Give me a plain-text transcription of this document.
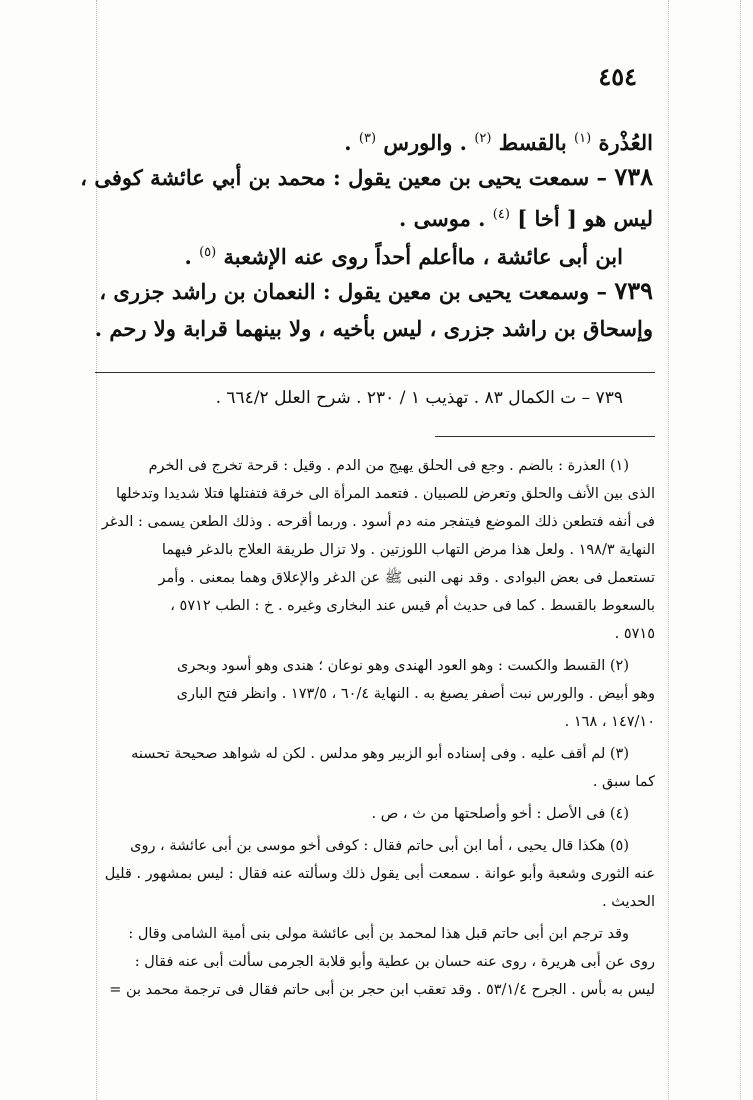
٤٥٤
العُذْرة $^{(١)}$ بالقسط $^{(٢)}$ . والورس $^{(٣)}$ .
٧٣٨ – سمعت يحيى بن معين يقول : محمد بن أبي عائشة كوفى ،
ليس هو [ أخا ] $^{(٤)}$ . موسى .
ابن أبى عائشة ، ماأعلم أحداً روى عنه الإشعبة $^{(٥)}$ .
٧٣٩ – وسمعت يحيى بن معين يقول : النعمان بن راشد جزرى ،
وإسحاق بن راشد جزرى ، ليس بأخيه ، ولا بينهما قرابة ولا رحم .
٧٣٩ – ت الكمال ٨٣ . تهذيب ١ / ٢٣٠ . شرح العلل ٦٦٤/٢ .
(١) العذرة : بالضم . وجع فى الحلق يهيج من الدم . وقيل : قرحة تخرج فى الخرم
الذى بين الأنف والحلق وتعرض للصبيان . فتعمد المرأة الى خرقة فتفتلها فتلا شديدا وتدخلها
فى أنفه فتطعن ذلك الموضع فيتفجر منه دم أسود . وربما أقرحه . وذلك الطعن يسمى : الدغر
النهاية ١٩٨/٣ . ولعل هذا مرض التهاب اللوزتين . ولا تزال طريقة العلاج بالدغر فيهما
تستعمل فى بعض البوادى . وقد نهى النبى ﷺ عن الدغر والإعلاق وهما بمعنى . وأمر
بالسعوط بالقسط . كما فى حديث أم قيس عند البخارى وغيره . خ : الطب ٥٧١٢ ،
٥٧١٥ .
(٢) القسط والكست : وهو العود الهندى وهو نوعان ؛ هندى وهو أسود وبحرى
وهو أبيض . والورس نبت أصفر يصبغ به . النهاية ٦٠/٤ ، ١٧٣/٥ . وانظر فتح البارى
١٤٧/١٠ ، ١٦٨ .
(٣) لم أقف عليه . وفى إسناده أبو الزبير وهو مدلس . لكن له شواهد صحيحة تحسنه
كما سبق .
(٤) فى الأصل : أخو وأصلحتها من ث ، ص .
(٥) هكذا قال يحيى ، أما ابن أبى حاتم فقال : كوفى أخو موسى بن أبى عائشة ، روى
عنه الثورى وشعبة وأبو عوانة . سمعت أبى يقول ذلك وسألته عنه فقال : ليس بمشهور . قليل
الحديث .
وقد ترجم ابن أبى حاتم قبل هذا لمحمد بن أبى عائشة مولى بنى أمية الشامى وقال :
روى عن أبى هريرة ، روى عنه حسان بن عطية وأبو قلابة الجرمى سألت أبى عنه فقال :
ليس به بأس . الجرح ٥٣/١/٤ . وقد تعقب ابن حجر بن أبى حاتم فقال فى ترجمة محمد بن =
